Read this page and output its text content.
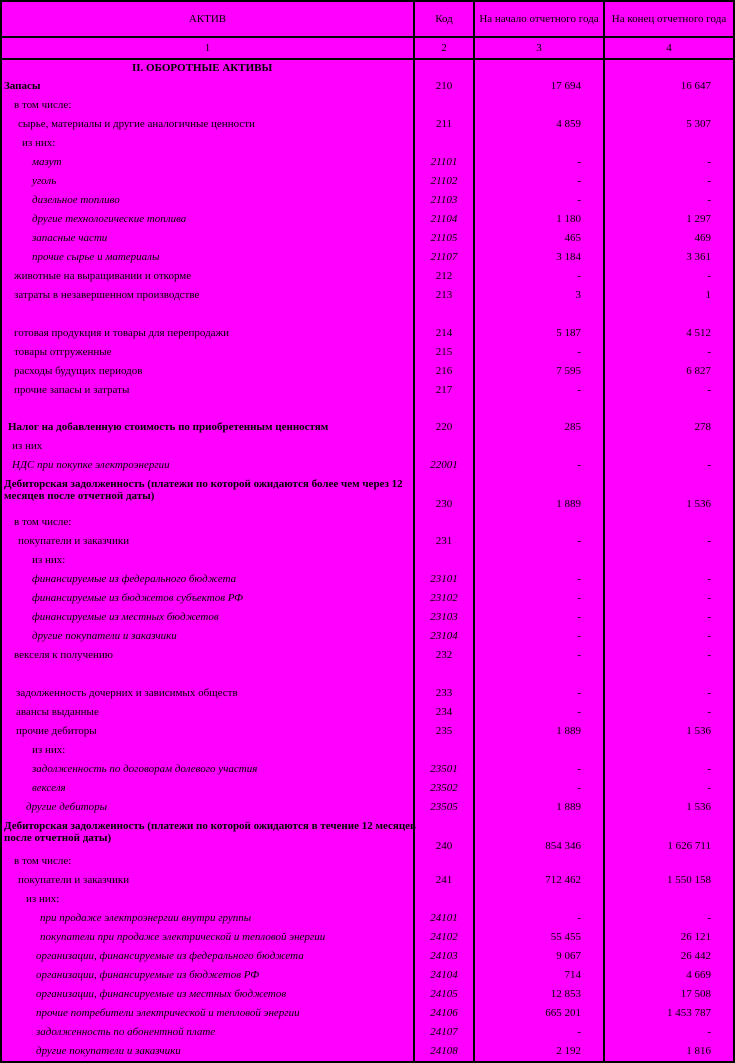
АКТИВ	Код	На начало отчетного года	На конец отчетного года
1	2	3	4
II. ОБОРОТНЫЕ АКТИВЫ
Запасы	210	17 694	16 647
в том числе:
сырье, материалы и другие аналогичные ценности	211	4 859	5 307
из них:
мазут	21101	-	-
уголь	21102	-	-
дизельное топливо	21103	-	-
другие технологические топлива	21104	1 180	1 297
запасные части	21105	465	469
прочие сырье и материалы	21107	3 184	3 361
животные на выращивании и откорме	212	-	-
затраты в незавершенном производстве	213	3	1
готовая продукция и товары для перепродажи	214	5 187	4 512
товары отгруженные	215	-	-
расходы будущих периодов	216	7 595	6 827
прочие запасы и затраты	217	-	-
Налог на добавленную стоимость по приобретенным ценностям	220	285	278
из них
НДС при покупке электроэнергии	22001	-	-
Дебиторская задолженность (платежи по которой ожидаются более чем через 12 месяцев после отчетной даты)
230	1 889	1 536
в том числе:
покупатели и заказчики	231	-	-
из них:
финансируемые из федерального бюджета	23101	-	-
финансируемые из бюджетов субъектов РФ	23102	-	-
финансируемые из местных бюджетов	23103	-	-
другие покупатели и заказчики	23104	-	-
векселя к получению	232	-	-
задолженность дочерних и зависимых обществ	233	-	-
авансы выданные	234	-	-
прочие дебиторы	235	1 889	1 536
из них:
задолженность по договорам долевого участия	23501	-	-
векселя	23502	-	-
другие дебиторы	23505	1 889	1 536
Дебиторская задолженность (платежи по которой ожидаются в течение 12 месяцев после отчетной даты)
240	854 346	1 626 711
в том числе:
покупатели и заказчики	241	712 462	1 550 158
из них:
при продаже электроэнергии внутри группы	24101	-	-
покупатели при продаже электрической и тепловой энергии	24102	55 455	26 121
организации, финансируемые из федерального бюджета	24103	9 067	26 442
организации, финансируемые из бюджетов РФ	24104	714	4 669
организации, финансируемые из местных бюджетов	24105	12 853	17 508
прочие потребители электрической и тепловой энергии	24106	665 201	1 453 787
задолженность по абонентной плате	24107	-	-
другие покупатели и заказчики	24108	2 192	1 816
